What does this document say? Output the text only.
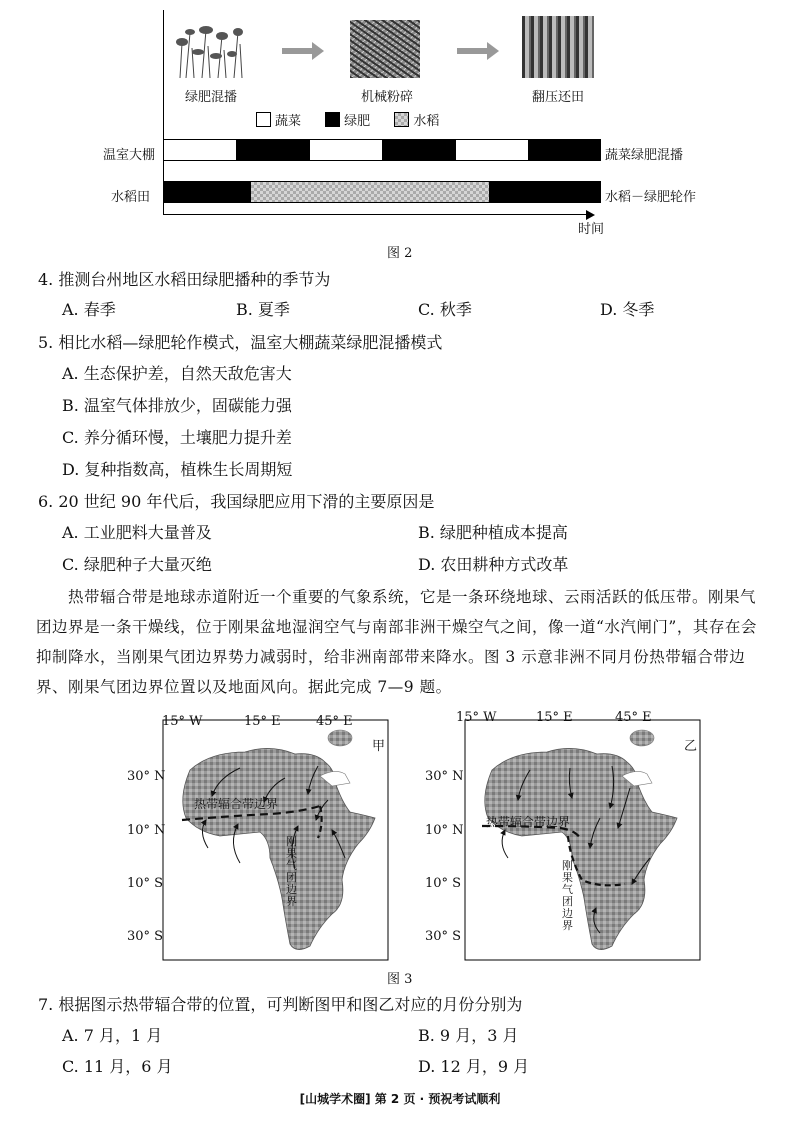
时间
绿肥混播	机械粉碎	翻压还田
蔬菜	绿肥	水稻
温室大棚	蔬菜绿肥混播
水稻田	水稻－绿肥轮作
图 2
4. 推测台州地区水稻田绿肥播种的季节为
A. 春季	B. 夏季	C. 秋季	D. 冬季
5. 相比水稻—绿肥轮作模式，温室大棚蔬菜绿肥混播模式
A. 生态保护差，自然天敌危害大
B. 温室气体排放少，固碳能力强
C. 养分循环慢，土壤肥力提升差
D. 复种指数高，植株生长周期短
6. 20 世纪 90 年代后，我国绿肥应用下滑的主要原因是
A. 工业肥料大量普及	B. 绿肥种植成本提高
C. 绿肥种子大量灭绝	D. 农田耕种方式改革
热带辐合带是地球赤道附近一个重要的气象系统，它是一条环绕地球、云雨活跃的低压带。刚果气团边界是一条干燥线，位于刚果盆地湿润空气与南部非洲干燥空气之间，像一道“水汽闸门”，其存在会抑制降水，当刚果气团边界势力减弱时，给非洲南部带来降水。图 3 示意非洲不同月份热带辐合带边界、刚果气团边界位置以及地面风向。据此完成 7—9 题。
15° W	15° E	45° E
甲
30° N
10° N
10° S
30° S
热带辐合带边界
刚果气团边界
15° W	15° E	45° E
乙
30° N
10° N
10° S
30° S
热带辐合带边界
刚果气团边界
图 3
7. 根据图示热带辐合带的位置，可判断图甲和图乙对应的月份分别为
A. 7 月，1 月	B. 9 月，3 月
C. 11 月，6 月	D. 12 月，9 月
[山城学术圈] 第 2 页 · 预祝考试顺利
